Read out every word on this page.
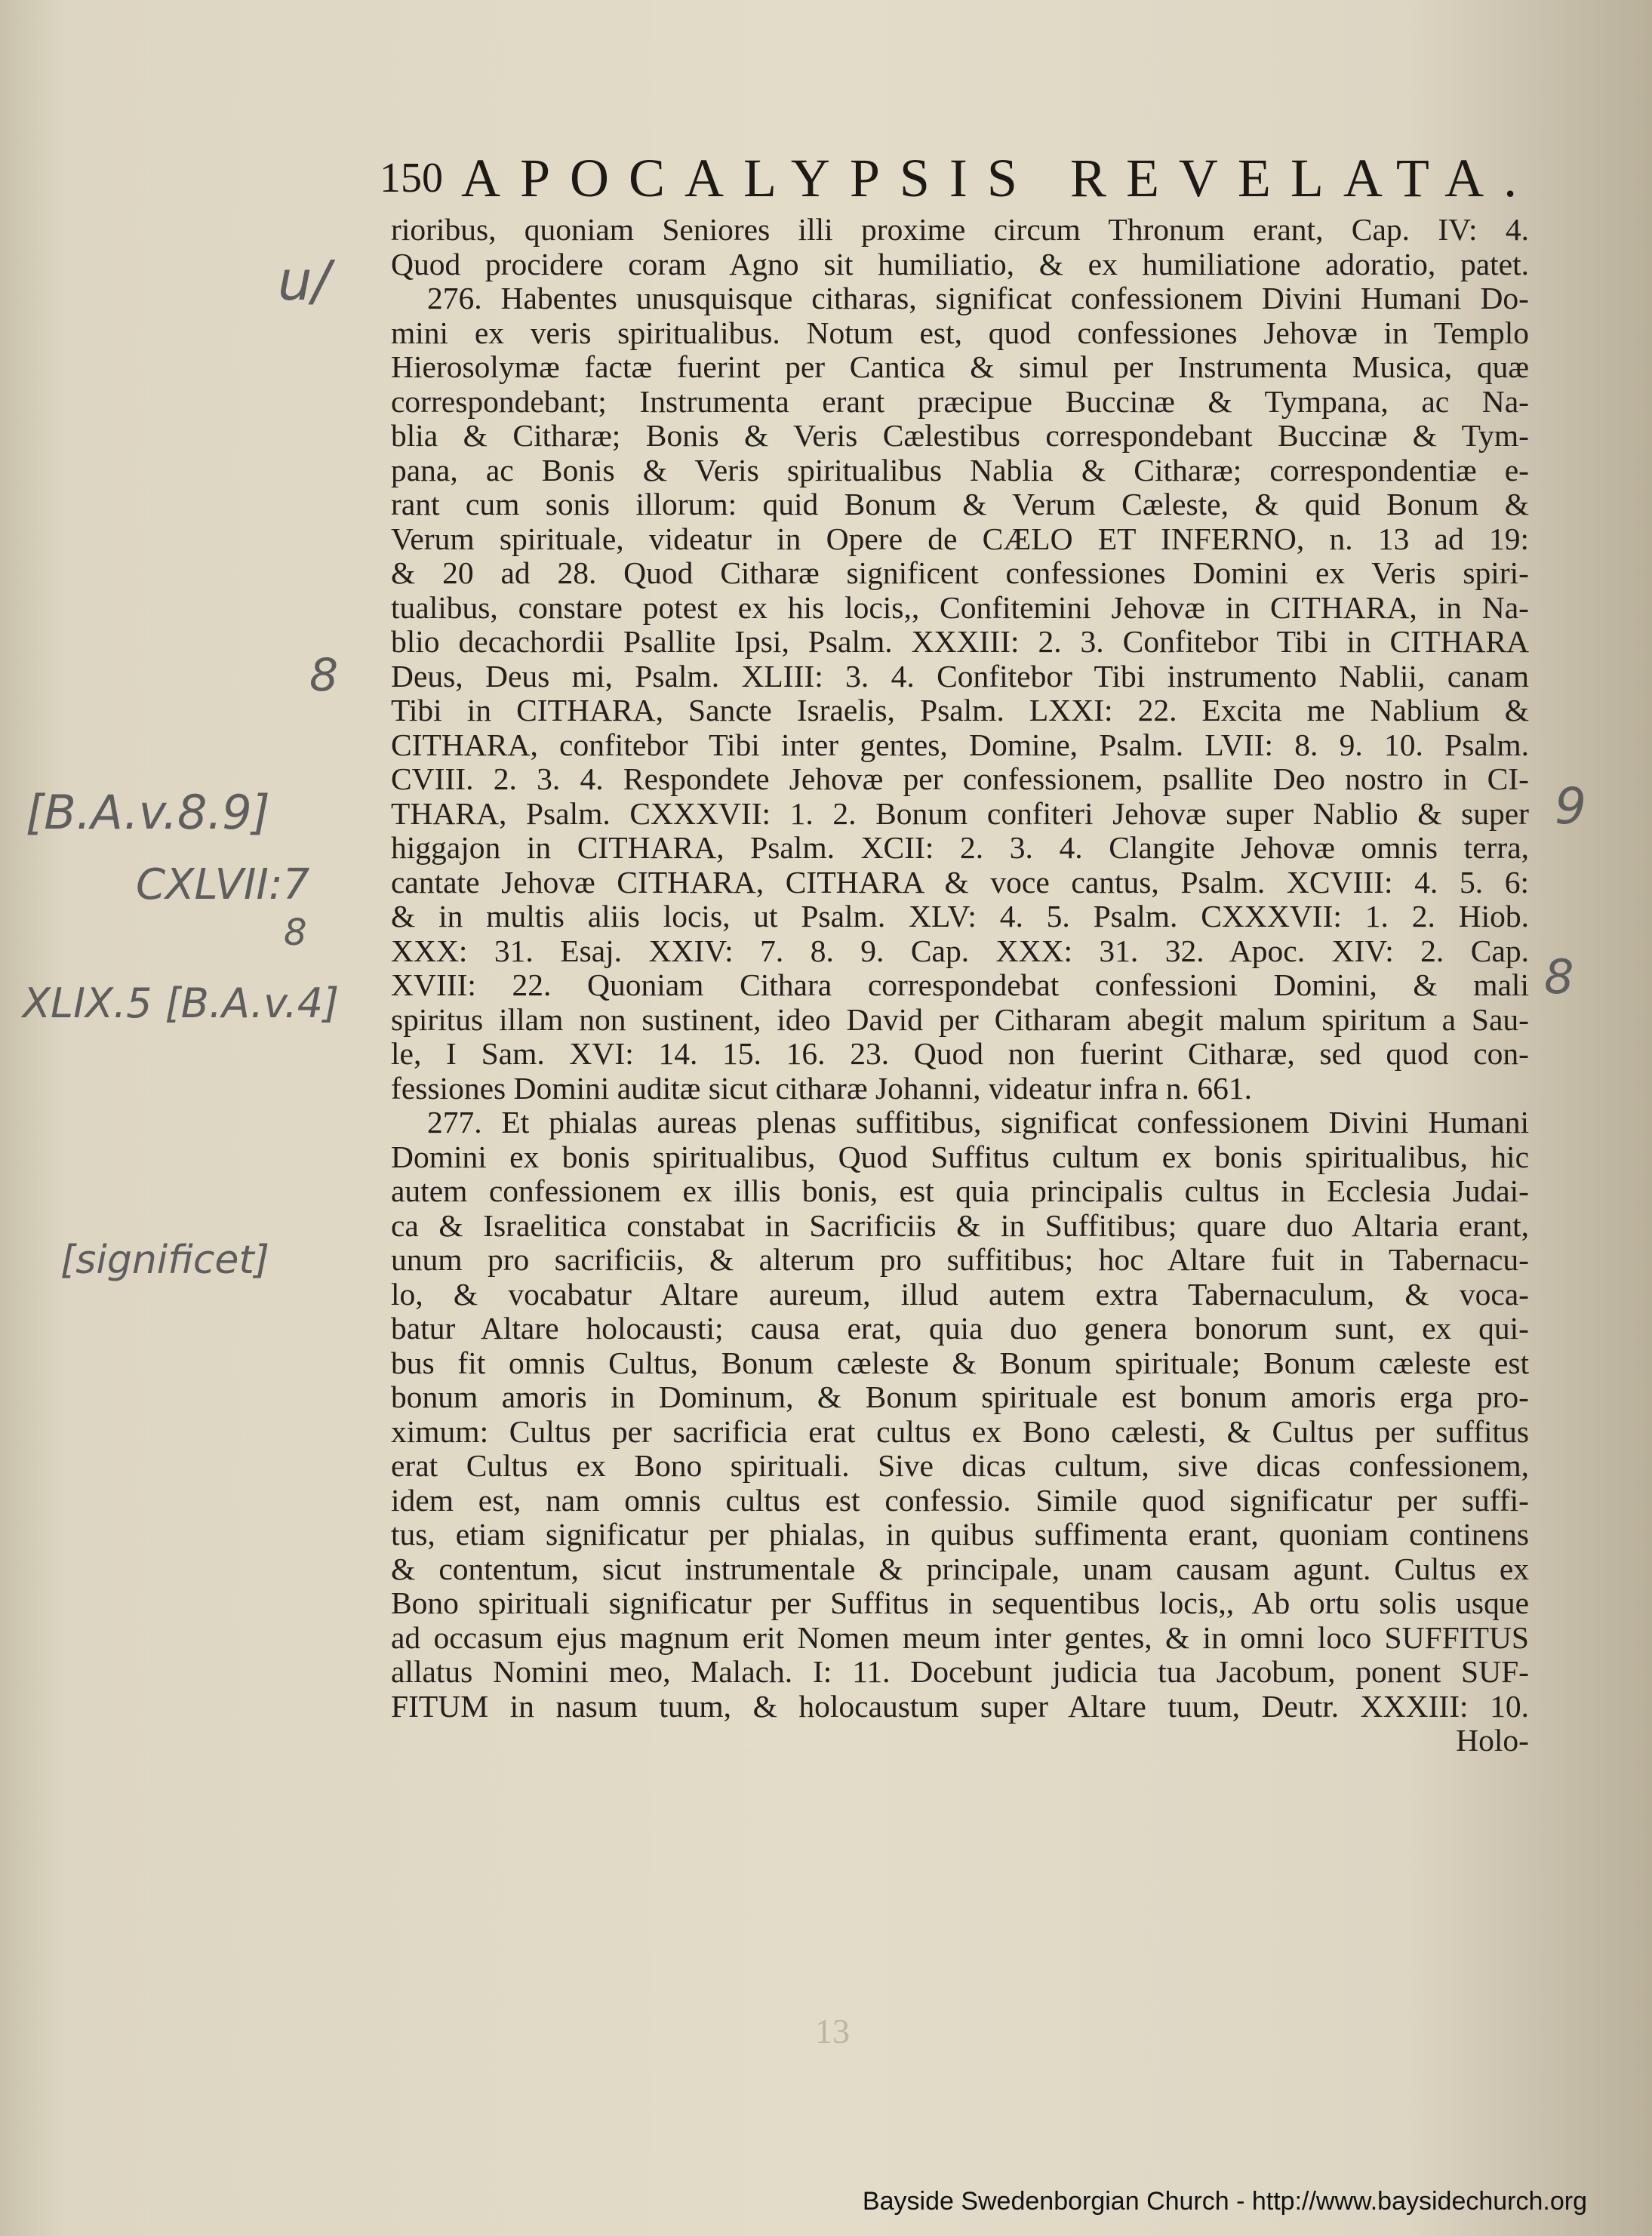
150 APOCALYPSIS REVELATA.
rioribus, quoniam Seniores illi proxime circum Thronum erant, Cap. IV: 4.
Quod procidere coram Agno sit humiliatio, & ex humiliatione adoratio, patet.
276. Habentes unusquisque citharas, significat confessionem Divini Humani Do-
mini ex veris spiritualibus. Notum est, quod confessiones Jehovæ in Templo
Hierosolymæ factæ fuerint per Cantica & simul per Instrumenta Musica, quæ
correspondebant; Instrumenta erant præcipue Buccinæ & Tympana, ac Na-
blia & Citharæ; Bonis & Veris Cælestibus correspondebant Buccinæ & Tym-
pana, ac Bonis & Veris spiritualibus Nablia & Citharæ; correspondentiæ e-
rant cum sonis illorum: quid Bonum & Verum Cæleste, & quid Bonum &
Verum spirituale, videatur in Opere de CÆLO ET INFERNO, n. 13 ad 19:
& 20 ad 28. Quod Citharæ significent confessiones Domini ex Veris spiri-
tualibus, constare potest ex his locis,, Confitemini Jehovæ in CITHARA, in Na-
blio decachordii Psallite Ipsi, Psalm. XXXIII: 2. 3. Confitebor Tibi in CITHARA
Deus, Deus mi, Psalm. XLIII: 3. 4. Confitebor Tibi instrumento Nablii, canam
Tibi in CITHARA, Sancte Israelis, Psalm. LXXI: 22. Excita me Nablium &
CITHARA, confitebor Tibi inter gentes, Domine, Psalm. LVII: 8. 9. 10. Psalm.
CVIII. 2. 3. 4. Respondete Jehovæ per confessionem, psallite Deo nostro in CI-
THARA, Psalm. CXXXVII: 1. 2. Bonum confiteri Jehovæ super Nablio & super
higgajon in CITHARA, Psalm. XCII: 2. 3. 4. Clangite Jehovæ omnis terra,
cantate Jehovæ CITHARA, CITHARA & voce cantus, Psalm. XCVIII: 4. 5. 6:
& in multis aliis locis, ut Psalm. XLV: 4. 5. Psalm. CXXXVII: 1. 2. Hiob.
XXX: 31. Esaj. XXIV: 7. 8. 9. Cap. XXX: 31. 32. Apoc. XIV: 2. Cap.
XVIII: 22. Quoniam Cithara correspondebat confessioni Domini, & mali
spiritus illam non sustinent, ideo David per Citharam abegit malum spiritum a Sau-
le, I Sam. XVI: 14. 15. 16. 23. Quod non fuerint Citharæ, sed quod con-
fessiones Domini auditæ sicut citharæ Johanni, videatur infra n. 661.
277. Et phialas aureas plenas suffitibus, significat confessionem Divini Humani
Domini ex bonis spiritualibus, Quod Suffitus cultum ex bonis spiritualibus, hic
autem confessionem ex illis bonis, est quia principalis cultus in Ecclesia Judai-
ca & Israelitica constabat in Sacrificiis & in Suffitibus; quare duo Altaria erant,
unum pro sacrificiis, & alterum pro suffitibus; hoc Altare fuit in Tabernacu-
lo, & vocabatur Altare aureum, illud autem extra Tabernaculum, & voca-
batur Altare holocausti; causa erat, quia duo genera bonorum sunt, ex qui-
bus fit omnis Cultus, Bonum cæleste & Bonum spirituale; Bonum cæleste est
bonum amoris in Dominum, & Bonum spirituale est bonum amoris erga pro-
ximum: Cultus per sacrificia erat cultus ex Bono cælesti, & Cultus per suffitus
erat Cultus ex Bono spirituali. Sive dicas cultum, sive dicas confessionem,
idem est, nam omnis cultus est confessio. Simile quod significatur per suffi-
tus, etiam significatur per phialas, in quibus suffimenta erant, quoniam continens
& contentum, sicut instrumentale & principale, unam causam agunt. Cultus ex
Bono spirituali significatur per Suffitus in sequentibus locis,, Ab ortu solis usque
ad occasum ejus magnum erit Nomen meum inter gentes, & in omni loco SUFFITUS
allatus Nomini meo, Malach. I: 11. Docebunt judicia tua Jacobum, ponent SUF-
FITUM in nasum tuum, & holocaustum super Altare tuum, Deutr. XXXIII: 10.
Holo-
13
u/
[B.A.v.8.9]
CXLVII:7
8
XLIX.5 [B.A.v.4]
[significet]
9
8
8
Bayside Swedenborgian Church - http://www.baysidechurch.org
